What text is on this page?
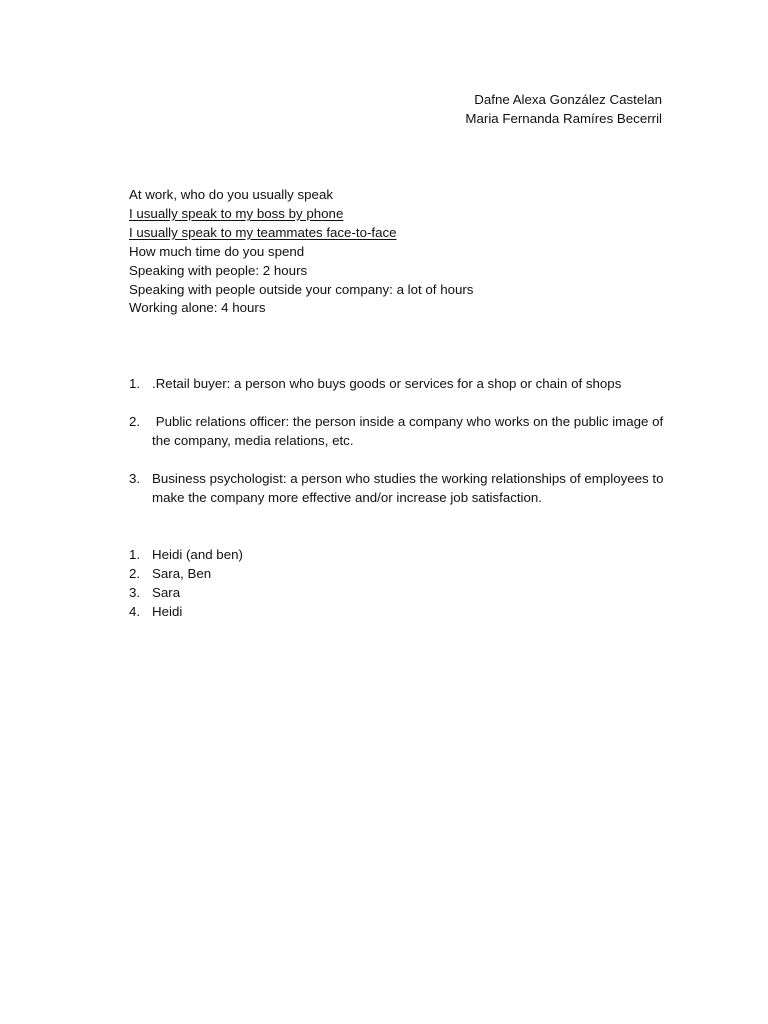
Dafne Alexa González Castelan
Maria Fernanda Ramíres Becerril
At work, who do you usually speak
I usually speak to my boss by phone
I usually speak to my teammates face-to-face
How much time do you spend
Speaking with people: 2 hours
Speaking with people outside your company: a lot of hours
Working alone: 4 hours
1. .Retail buyer: a person who buys goods or services for a shop or chain of shops
2. Public relations officer: the person inside a company who works on the public image of the company, media relations, etc.
3. Business psychologist: a person who studies the working relationships of employees to make the company more effective and/or increase job satisfaction.
1. Heidi (and ben)
2. Sara, Ben
3. Sara
4. Heidi
